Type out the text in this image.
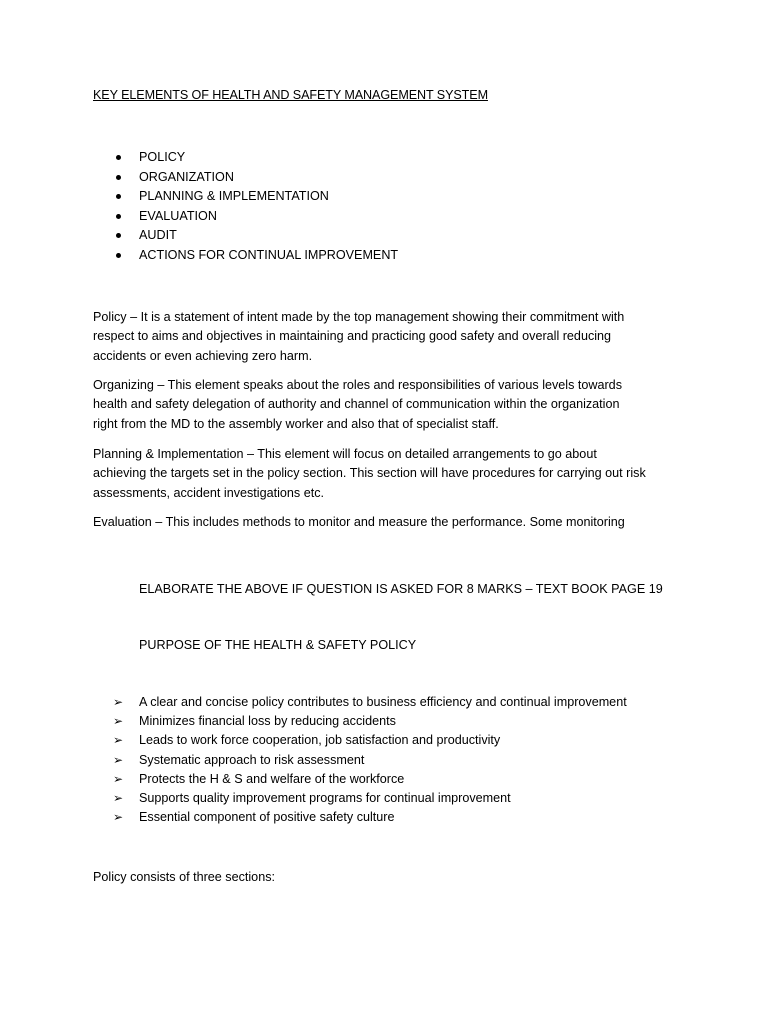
KEY ELEMENTS OF HEALTH AND SAFETY MANAGEMENT SYSTEM
POLICY
ORGANIZATION
PLANNING & IMPLEMENTATION
EVALUATION
AUDIT
ACTIONS FOR CONTINUAL IMPROVEMENT

Policy – It is a statement of intent made by the top management showing their commitment with
respect to aims and objectives in maintaining and practicing good safety and overall reducing
accidents or even achieving zero harm.

Organizing – This element speaks about the roles and responsibilities of various levels towards
health and safety delegation of authority and channel of communication within the organization
right from the MD to the assembly worker and also that of specialist staff.

Planning & Implementation – This element will focus on detailed arrangements to go about
achieving the targets set in the policy section. This section will have procedures for carrying out risk
assessments, accident investigations etc.

Evaluation – This includes methods to monitor and measure the performance. Some monitoring

ELABORATE THE ABOVE IF QUESTION IS ASKED FOR 8 MARKS – TEXT BOOK PAGE 19
PURPOSE OF THE HEALTH & SAFETY POLICY
➢ A clear and concise policy contributes to business efficiency and continual improvement
➢ Minimizes financial loss by reducing accidents
➢ Leads to work force cooperation, job satisfaction and productivity
➢ Systematic approach to risk assessment
➢ Protects the H & S and welfare of the workforce
➢ Supports quality improvement programs for continual improvement
➢ Essential component of positive safety culture
Policy consists of three sections:
